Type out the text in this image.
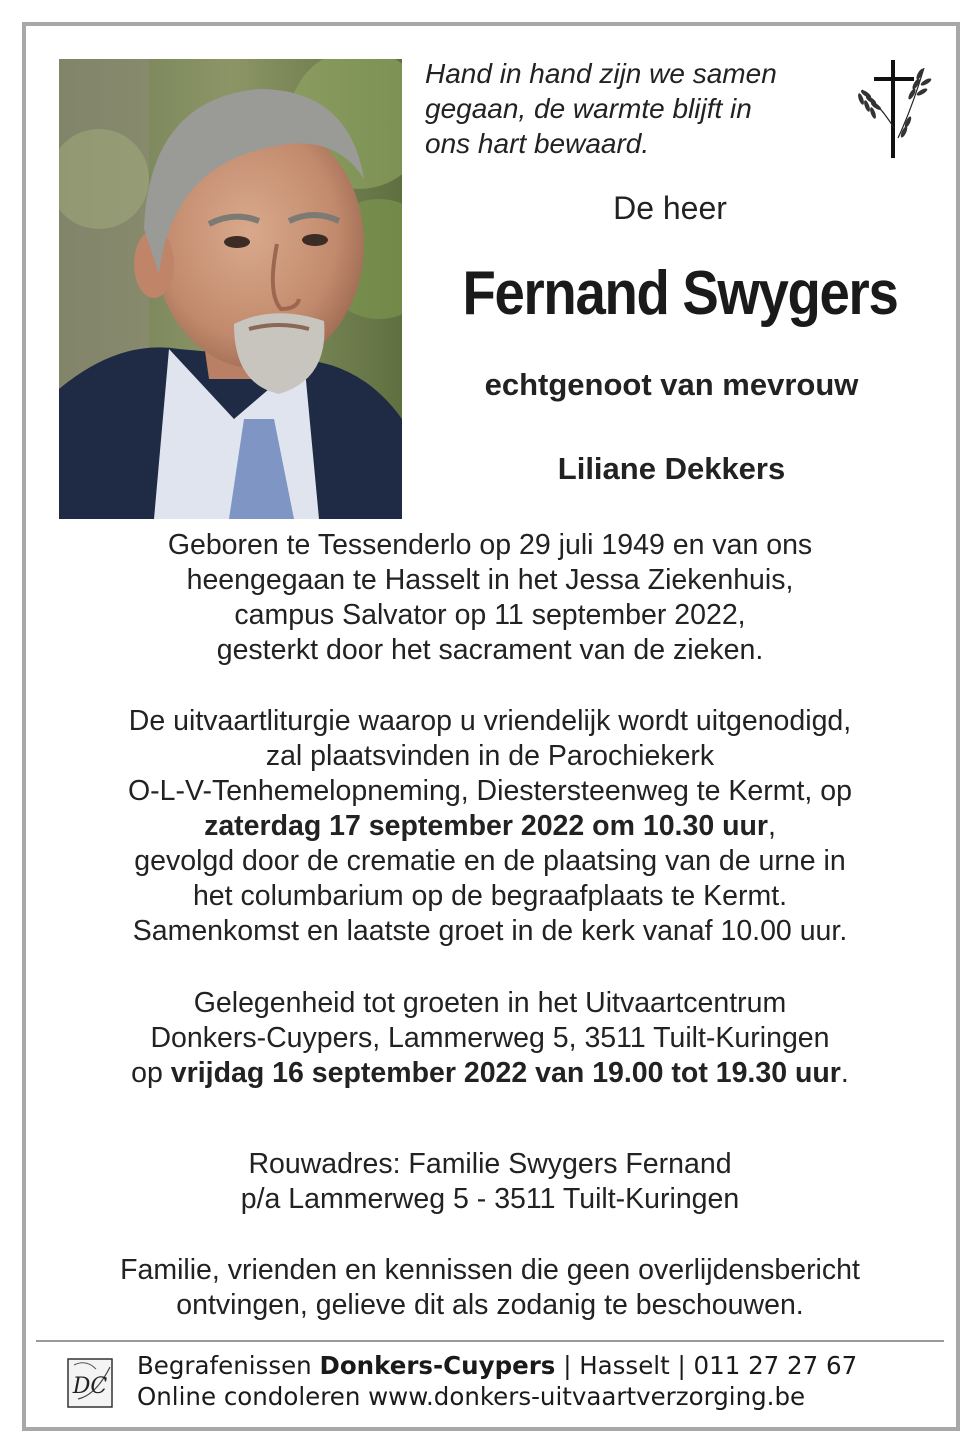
Hand in hand zijn we samen
gegaan, de warmte blijft in
ons hart bewaard.
De heer
Fernand Swygers
echtgenoot van mevrouw
Liliane Dekkers
Geboren te Tessenderlo op 29 juli 1949 en van ons
heengegaan te Hasselt in het Jessa Ziekenhuis,
campus Salvator op 11 september 2022,
gesterkt door het sacrament van de zieken.
De uitvaartliturgie waarop u vriendelijk wordt uitgenodigd,
zal plaatsvinden in de Parochiekerk
O-L-V-Tenhemelopneming, Diestersteenweg te Kermt, op
zaterdag 17 september 2022 om 10.30 uur,
gevolgd door de crematie en de plaatsing van de urne in
het columbarium op de begraafplaats te Kermt.
Samenkomst en laatste groet in de kerk vanaf 10.00 uur.
Gelegenheid tot groeten in het Uitvaartcentrum
Donkers-Cuypers, Lammerweg 5, 3511 Tuilt-Kuringen
op vrijdag 16 september 2022 van 19.00 tot 19.30 uur.
Rouwadres: Familie Swygers Fernand
p/a Lammerweg 5 - 3511 Tuilt-Kuringen
Familie, vrienden en kennissen die geen overlijdensbericht
ontvingen, gelieve dit als zodanig te beschouwen.
DC
Begrafenissen Donkers-Cuypers | Hasselt | 011 27 27 67
Online condoleren www.donkers-uitvaartverzorging.be
